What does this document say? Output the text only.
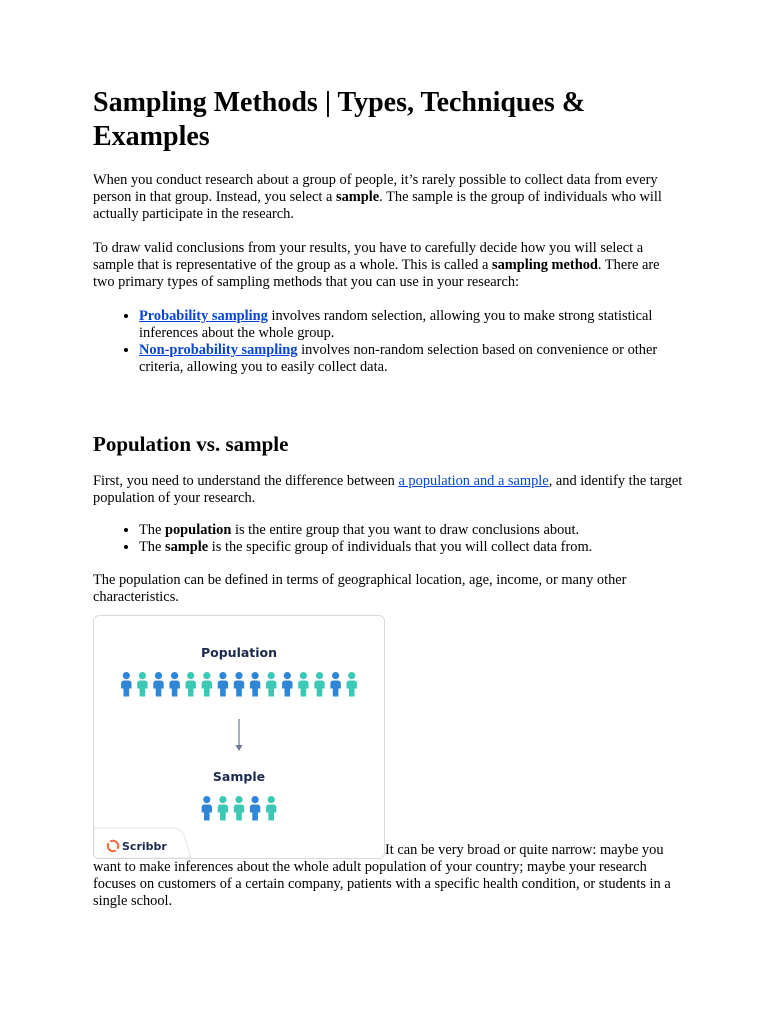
Sampling Methods | Types, Techniques & Examples

When you conduct research about a group of people, it’s rarely possible to collect data from every person in that group. Instead, you select a sample. The sample is the group of individuals who will actually participate in the research.

To draw valid conclusions from your results, you have to carefully decide how you will select a sample that is representative of the group as a whole. This is called a sampling method. There are two primary types of sampling methods that you can use in your research:

• Probability sampling involves random selection, allowing you to make strong statistical inferences about the whole group.
• Non-probability sampling involves non-random selection based on convenience or other criteria, allowing you to easily collect data.
Population vs. sample

First, you need to understand the difference between a population and a sample, and identify the target population of your research.

• The population is the entire group that you want to draw conclusions about.
• The sample is the specific group of individuals that you will collect data from.

The population can be defined in terms of geographical location, age, income, or many other characteristics.

Population
Sample
Scribbr	It can be very broad or quite narrow: maybe you want to make inferences about the whole adult population of your country; maybe your research focuses on customers of a certain company, patients with a specific health condition, or students in a single school.
